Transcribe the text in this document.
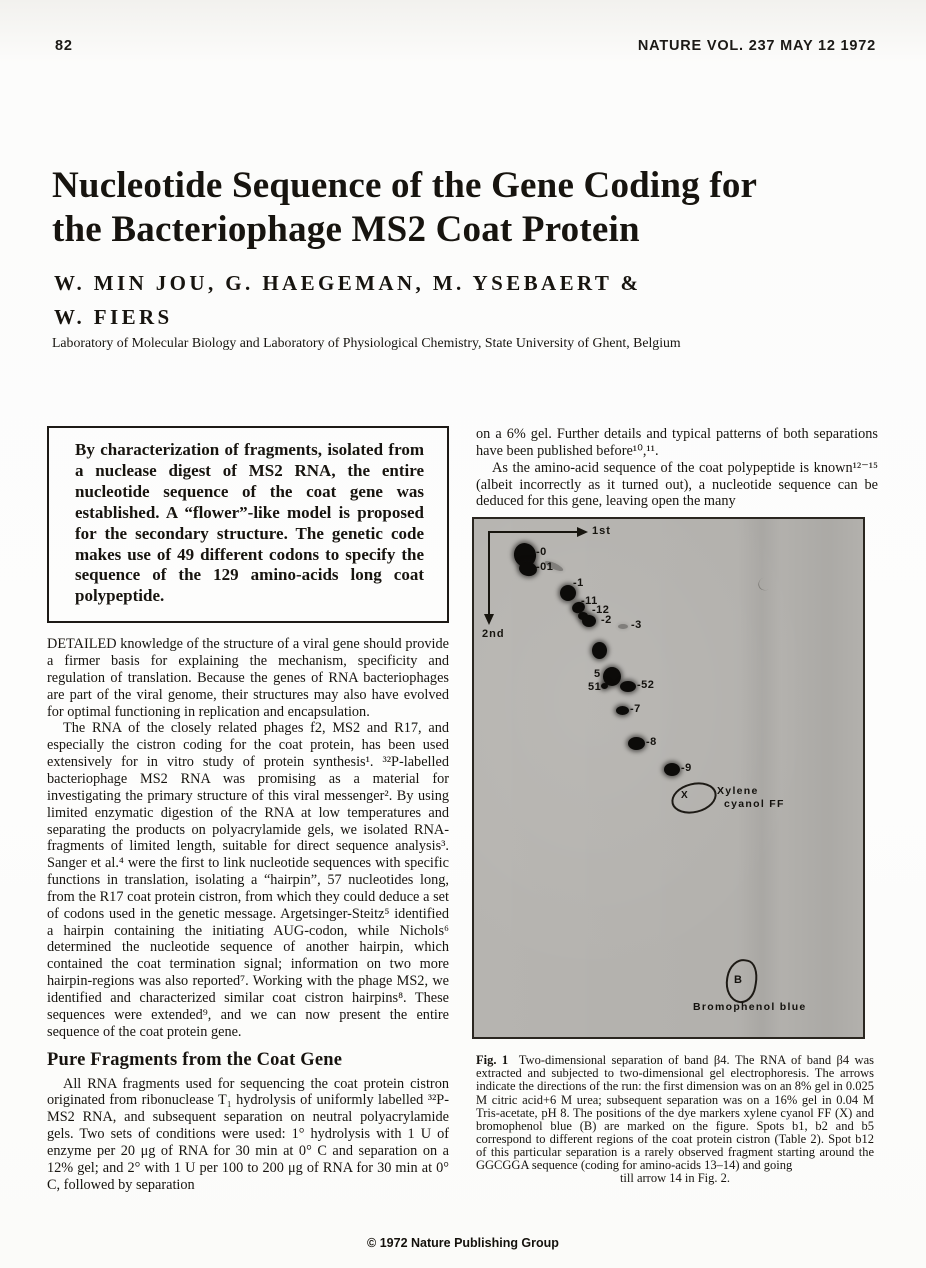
82	NATURE VOL. 237 MAY 12 1972
Nucleotide Sequence of the Gene Coding for
the Bacteriophage MS2 Coat Protein
W. MIN JOU, G. HAEGEMAN, M. YSEBAERT &
W. FIERS
Laboratory of Molecular Biology and Laboratory of Physiological Chemistry, State University of Ghent, Belgium

By characterization of fragments, isolated from a nuclease digest of MS2 RNA, the entire nucleotide sequence of the coat gene was established. A “flower”-like model is proposed for the secondary structure. The genetic code makes use of 49 different codons to specify the sequence of the 129 amino-acids long coat polypeptide.

DETAILED knowledge of the structure of a viral gene should provide a firmer basis for explaining the mechanism, specificity and regulation of translation. Because the genes of RNA bacteriophages are part of the viral genome, their structures may also have evolved for optimal functioning in replication and encapsulation.

The RNA of the closely related phages f2, MS2 and R17, and especially the cistron coding for the coat protein, has been used extensively for in vitro study of protein synthesis¹. ³²P-labelled bacteriophage MS2 RNA was promising as a material for investigating the primary structure of this viral messenger². By using limited enzymatic digestion of the RNA at low temperatures and separating the products on polyacrylamide gels, we isolated RNA-fragments of limited length, suitable for direct sequence analysis³. Sanger et al.⁴ were the first to link nucleotide sequences with specific functions in translation, isolating a “hairpin”, 57 nucleotides long, from the R17 coat protein cistron, from which they could deduce a set of codons used in the genetic message. Argetsinger-Steitz⁵ identified a hairpin containing the initiating AUG-codon, while Nichols⁶ determined the nucleotide sequence of another hairpin, which contained the coat termination signal; information on two more hairpin-regions was also reported⁷. Working with the phage MS2, we identified and characterized similar coat cistron hairpins⁸. These sequences were extended⁹, and we can now present the entire sequence of the coat protein gene.

Pure Fragments from the Coat Gene

All RNA fragments used for sequencing the coat protein cistron originated from ribonuclease T₁ hydrolysis of uniformly labelled ³²P-MS2 RNA, and subsequent separation on neutral polyacrylamide gels. Two sets of conditions were used: 1° hydrolysis with 1 U of enzyme per 20 μg of RNA for 30 min at 0° C and separation on a 12% gel; and 2° with 1 U per 100 to 200 μg of RNA for 30 min at 0° C, followed by separation

on a 6% gel. Further details and typical patterns of both separations have been published before¹⁰,¹¹.

As the amino-acid sequence of the coat polypeptide is known¹²⁻¹⁵ (albeit incorrectly as it turned out), a nucleotide sequence can be deduced for this gene, leaving open the many

1st
2nd
-0
-01
-1
-11
-12
-2 -3
5
51	-52
-7
-8
-9
X	Xylene
cyanol FF
B
Bromophenol blue
Fig. 1 Two-dimensional separation of band β4. The RNA of band β4 was extracted and subjected to two-dimensional gel electrophoresis. The arrows indicate the directions of the run: the first dimension was on an 8% gel in 0.025 M citric acid+6 M urea; subsequent separation was on a 16% gel in 0.04 M Tris-acetate, pH 8. The positions of the dye markers xylene cyanol FF (X) and bromophenol blue (B) are marked on the figure. Spots b1, b2 and b5 correspond to different regions of the coat protein cistron (Table 2). Spot b12 of this particular separation is a rarely observed fragment starting around the GGCGGA sequence (coding for amino-acids 13–14) and going
till arrow 14 in Fig. 2.
© 1972 Nature Publishing Group
